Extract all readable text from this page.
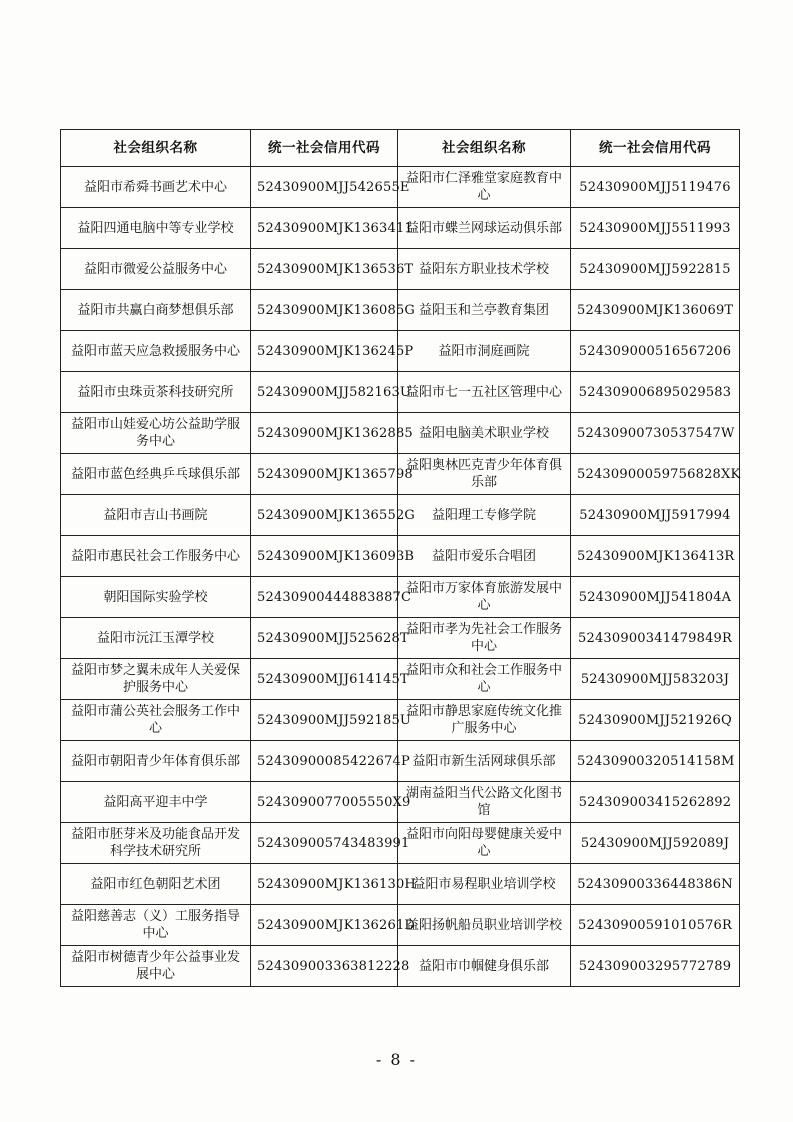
社会组织名称	统一社会信用代码	社会组织名称	统一社会信用代码
益阳市希舜书画艺术中心	52430900MJJ542655E	益阳市仁泽雅堂家庭教育中心	52430900MJJ5119476
益阳四通电脑中等专业学校	52430900MJK1363411	益阳市蝶兰网球运动俱乐部	52430900MJJ5511993
益阳市微爱公益服务中心	52430900MJK136536T	益阳东方职业技术学校	52430900MJJ5922815
益阳市共赢白商梦想俱乐部	52430900MJK136085G	益阳玉和兰亭教育集团	52430900MJK136069T
益阳市蓝天应急救援服务中心	52430900MJK136245P	益阳市洞庭画院	524309000516567206
益阳市虫珠贡茶科技研究所	52430900MJJ582163U	益阳市七一五社区管理中心	524309006895029583
益阳市山娃爱心坊公益助学服务中心	52430900MJK1362885	益阳电脑美术职业学校	52430900730537547W
益阳市蓝色经典乒乓球俱乐部	52430900MJK1365798	益阳奥林匹克青少年体育俱乐部	52430900059756828XK
益阳市吉山书画院	52430900MJK136552G	益阳理工专修学院	52430900MJJ5917994
益阳市惠民社会工作服务中心	52430900MJK136093B	益阳市爱乐合唱团	52430900MJK136413R
朝阳国际实验学校	52430900444883887C	益阳市万家体育旅游发展中心	52430900MJJ541804A
益阳市沅江玉潭学校	52430900MJJ525628T	益阳市孝为先社会工作服务中心	52430900341479849R
益阳市梦之翼未成年人关爱保护服务中心	52430900MJJ614145T	益阳市众和社会工作服务中心	52430900MJJ583203J
益阳市蒲公英社会服务工作中心	52430900MJJ592185U	益阳市静思家庭传统文化推广服务中心	52430900MJJ521926Q
益阳市朝阳青少年体育俱乐部	52430900085422674P	益阳市新生活网球俱乐部	52430900320514158M
益阳高平迎丰中学	5243090077005550X9	湖南益阳当代公路文化图书馆	524309003415262892
益阳市胚芽米及功能食品开发科学技术研究所	524309005743483991	益阳市向阳母婴健康关爱中心	52430900MJJ592089J
益阳市红色朝阳艺术团	52430900MJK136130H	益阳市易程职业培训学校	52430900336448386N
益阳慈善志（义）工服务指导中心	52430900MJK136261D	益阳扬帆船员职业培训学校	52430900591010576R
益阳市树德青少年公益事业发展中心	524309003363812228	益阳市巾帼健身俱乐部	524309003295772789
- 8 -
